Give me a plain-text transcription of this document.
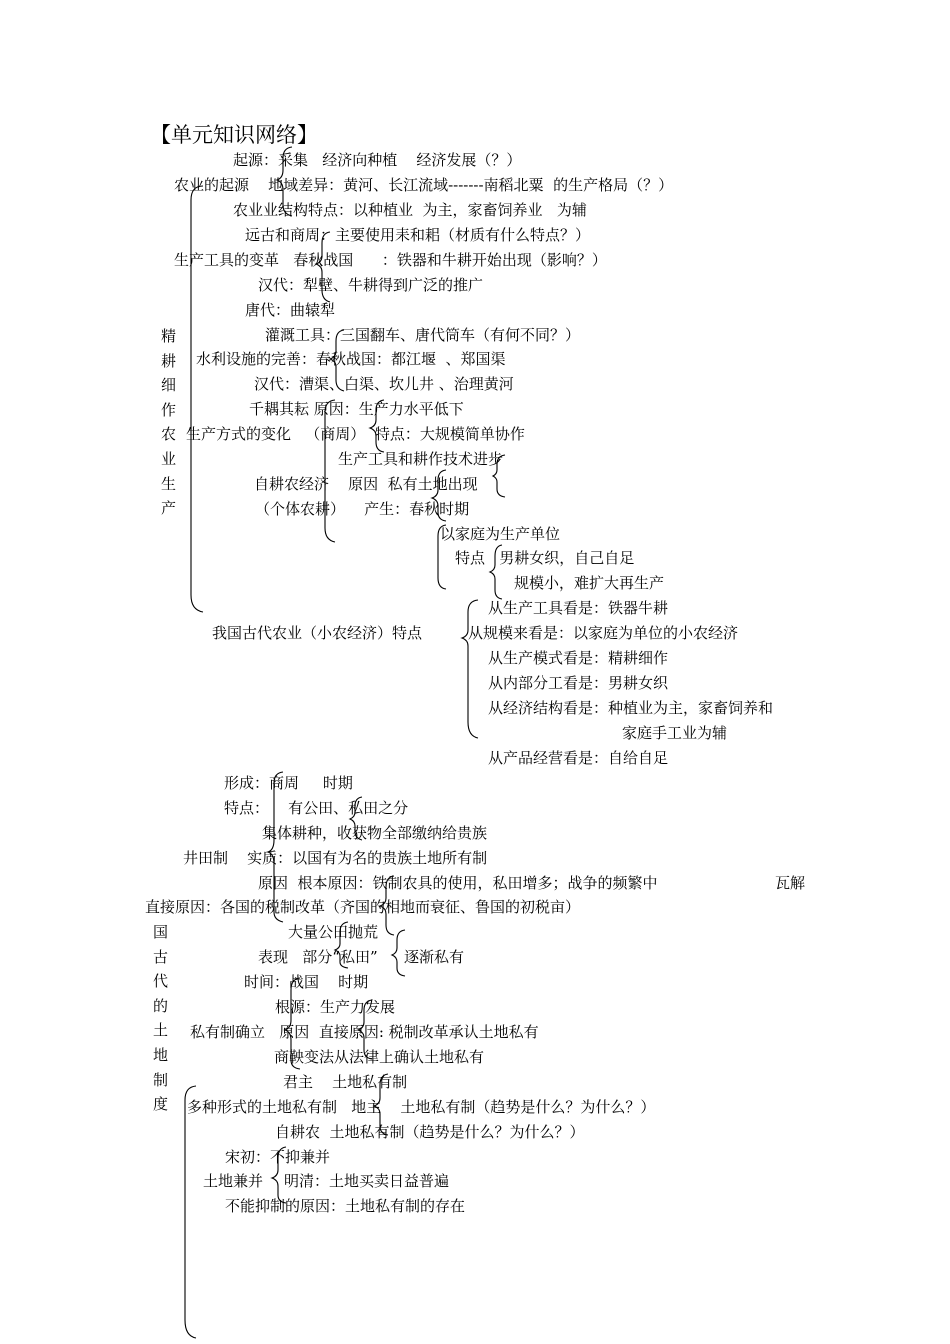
【单元知识网络】
精耕细作农业生产
起源：采集   经济向种植    经济发展（？）
农业的起源    地域差异：黄河、长江流域-------南稻北粟  的生产格局（？）
农业业结构特点：以种植业  为主，家畜饲养业   为辅
远古和商周：主要使用耒和耜（材质有什么特点？）
生产工具的变革   春秋战国      ：铁器和牛耕开始出现（影响？）
汉代：犁壁、牛耕得到广泛的推广
唐代：曲辕犁
灌溉工具：三国翻车、唐代筒车（有何不同？）
水利设施的完善：春秋战国：都江堰  、郑国渠
汉代：漕渠、白渠、坎儿井 、治理黄河
千耦其耘 原因：生产力水平低下
生产方式的变化   （商周）  特点：大规模简单协作
生产工具和耕作技术进步
自耕农经济    原因  私有土地出现
（个体农耕）    产生：春秋时期
以家庭为生产单位
特点   男耕女织，自己自足
规模小，难扩大再生产
从生产工具看是：铁器牛耕
我国古代农业（小农经济）特点	从规模来看是：以家庭为单位的小农经济
从生产模式看是：精耕细作
从内部分工看是：男耕女织
从经济结构看是：种植业为主，家畜饲养和
家庭手工业为辅
从产品经营看是：自给自足
国古代的土地制度
形成：商周     时期
特点：    有公田、私田之分
集体耕种，收获物全部缴纳给贵族
井田制    实质：以国有为名的贵族土地所有制
原因  根本原因：铁制农具的使用，私田增多；战争的频繁中	瓦解
直接原因：各国的税制改革（齐国的相地而衰征、鲁国的初税亩）
大量公田抛荒
表现   部分“私田” 逐渐私有
时间：战国    时期
根源：生产力发展
私有制确立   原因  直接原因: 税制改革承认土地私有
商鞅变法从法律上确认土地私有
君主    土地私有制
多种形式的土地私有制   地主    土地私有制（趋势是什么？为什么？）
自耕农  土地私有制（趋势是什么？为什么？）
宋初：不抑兼并
土地兼并 明清：土地买卖日益普遍
不能抑制的原因：土地私有制的存在
